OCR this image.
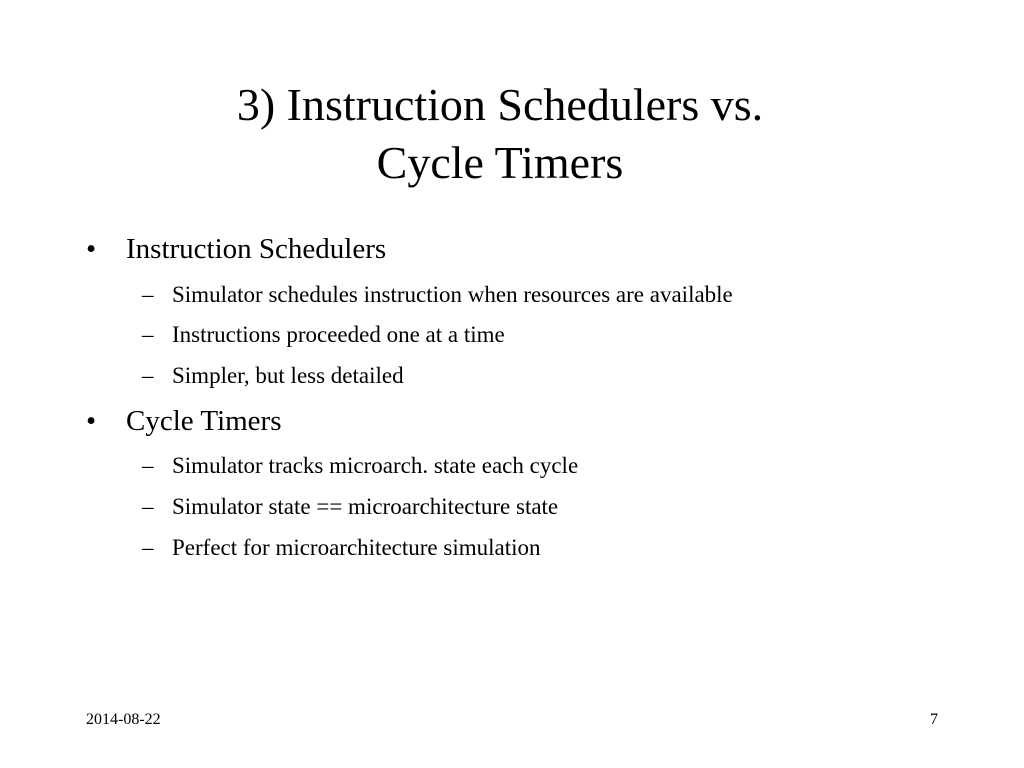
3) Instruction Schedulers vs.
Cycle Timers
• Instruction Schedulers
– Simulator schedules instruction when resources are available
– Instructions proceeded one at a time
– Simpler, but less detailed
• Cycle Timers
– Simulator tracks microarch. state each cycle
– Simulator state == microarchitecture state
– Perfect for microarchitecture simulation
2014-08-22	7
